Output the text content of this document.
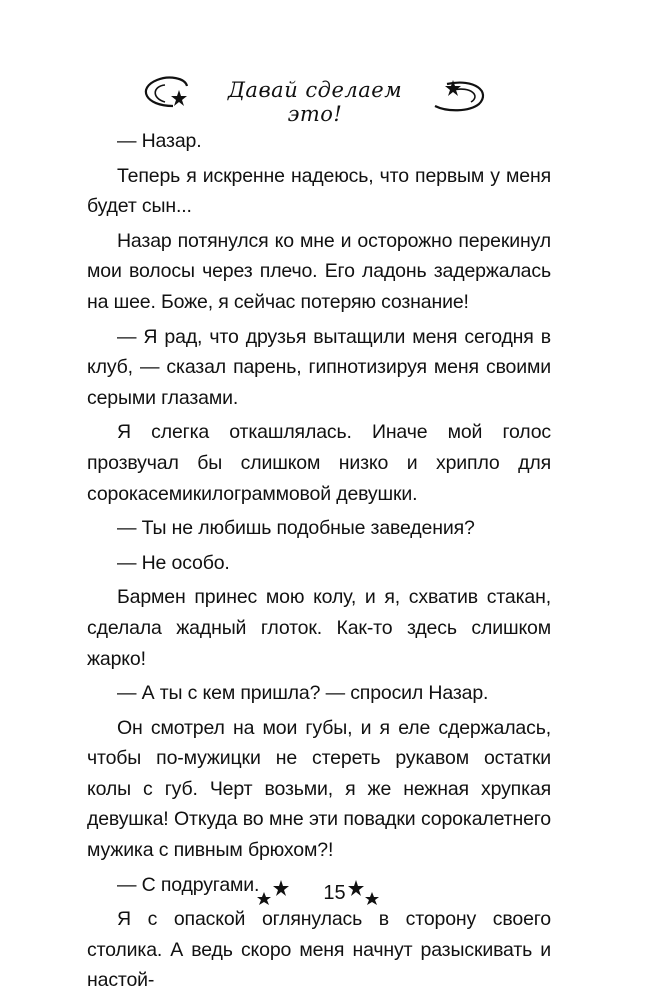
Давай сделаем это!

— Назар.

Теперь я искренне надеюсь, что первым у меня будет сын...

Назар потянулся ко мне и осторожно перекинул мои волосы через плечо. Его ладонь задержалась на шее. Боже, я сейчас потеряю сознание!

— Я рад, что друзья вытащили меня сегодня в клуб, — сказал парень, гипнотизируя меня своими серыми глазами.

Я слегка откашлялась. Иначе мой голос прозвучал бы слишком низко и хрипло для сорокасемикилограммовой девушки.

— Ты не любишь подобные заведения?

— Не особо.

Бармен принес мою колу, и я, схватив стакан, сделала жадный глоток. Как-то здесь слишком жарко!

— А ты с кем пришла? — спросил Назар.

Он смотрел на мои губы, и я еле сдержалась, чтобы по-мужицки не стереть рукавом остатки колы с губ. Черт возьми, я же нежная хрупкая девушка! Откуда во мне эти повадки сорокалетнего мужика с пивным брюхом?!

— С подругами.

Я с опаской оглянулась в сторону своего столика. А ведь скоро меня начнут разыскивать и настой-

15
